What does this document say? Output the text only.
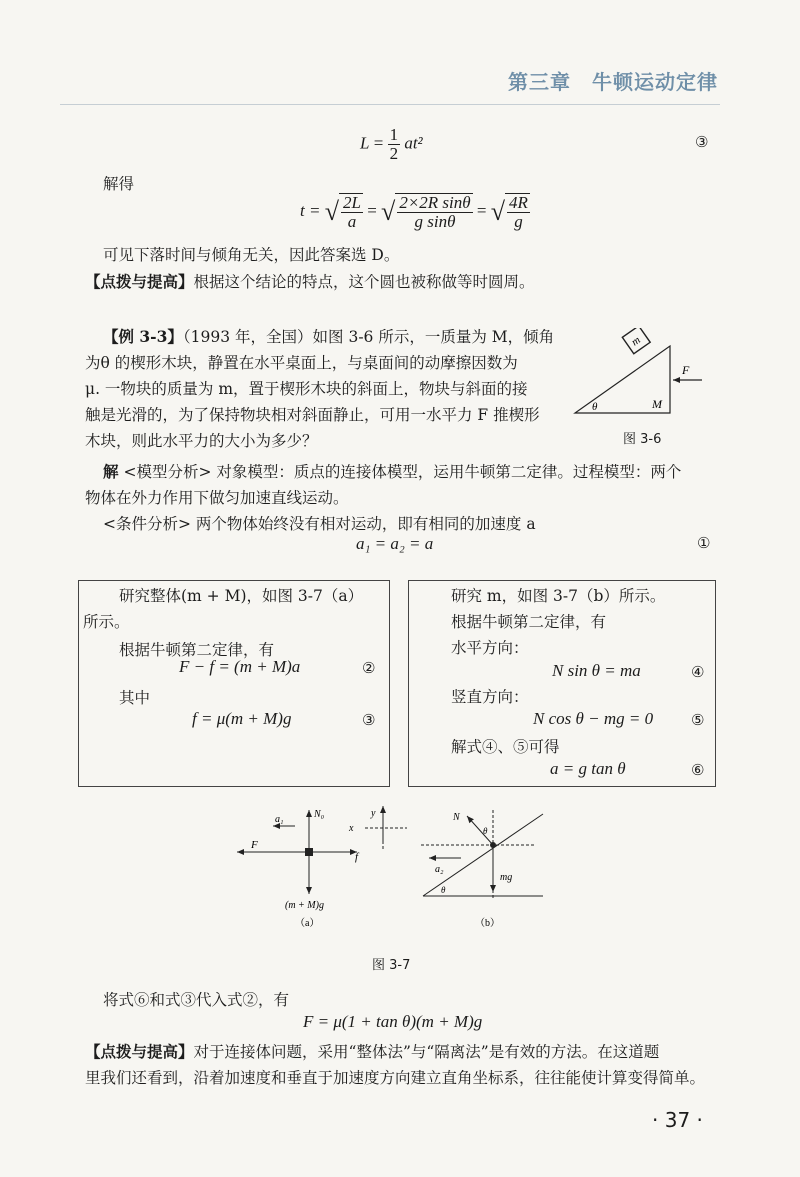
第三章　牛顿运动定律
$L = \frac{1}{2} at^2$	③
解得
t = √ $\frac{2L}{a}$ = √ $\frac{\text{2×2R sinθ}}{\text{g sinθ}}$ = √ $\frac{4R}{g}$
可见下落时间与倾角无关，因此答案选 D。
【点拨与提高】根据这个结论的特点，这个圆也被称做等时圆周。
【例 3-3】（1993 年，全国）如图 3-6 所示，一质量为 M，倾角
为θ 的楔形木块，静置在水平桌面上，与桌面间的动摩擦因数为
μ. 一物块的质量为 m，置于楔形木块的斜面上，物块与斜面的接
触是光滑的，为了保持物块相对斜面静止，可用一水平力 F 推楔形
木块，则此水平力的大小为多少？
m
F
M
θ
图 3-6
解 <模型分析> 对象模型：质点的连接体模型，运用牛顿第二定律。过程模型：两个
物体在外力作用下做匀加速直线运动。
<条件分析> 两个物体始终没有相对运动，即有相同的加速度 a
a₁ = a₂ = a	①
研究整体(m + M)，如图 3-7（a）
所示。
根据牛顿第二定律，有
F − f = (m + M)a	②
其中
f = μ(m + M)g	③
研究 m，如图 3-7（b）所示。
根据牛顿第二定律，有
水平方向：
N sin θ = ma	④
竖直方向：
N cos θ − mg = 0	⑤
解式④、⑤可得
a = g tan θ	⑥
a₁	N₀
F
f
(m + M)g
（a）
y
x
N
θ
a₂
mg
θ
（b）
图 3-7
将式⑥和式③代入式②，有
F = μ(1 + tan θ)(m + M)g
【点拨与提高】对于连接体问题，采用“整体法”与“隔离法”是有效的方法。在这道题
里我们还看到，沿着加速度和垂直于加速度方向建立直角坐标系，往往能使计算变得简单。
· 37 ·
